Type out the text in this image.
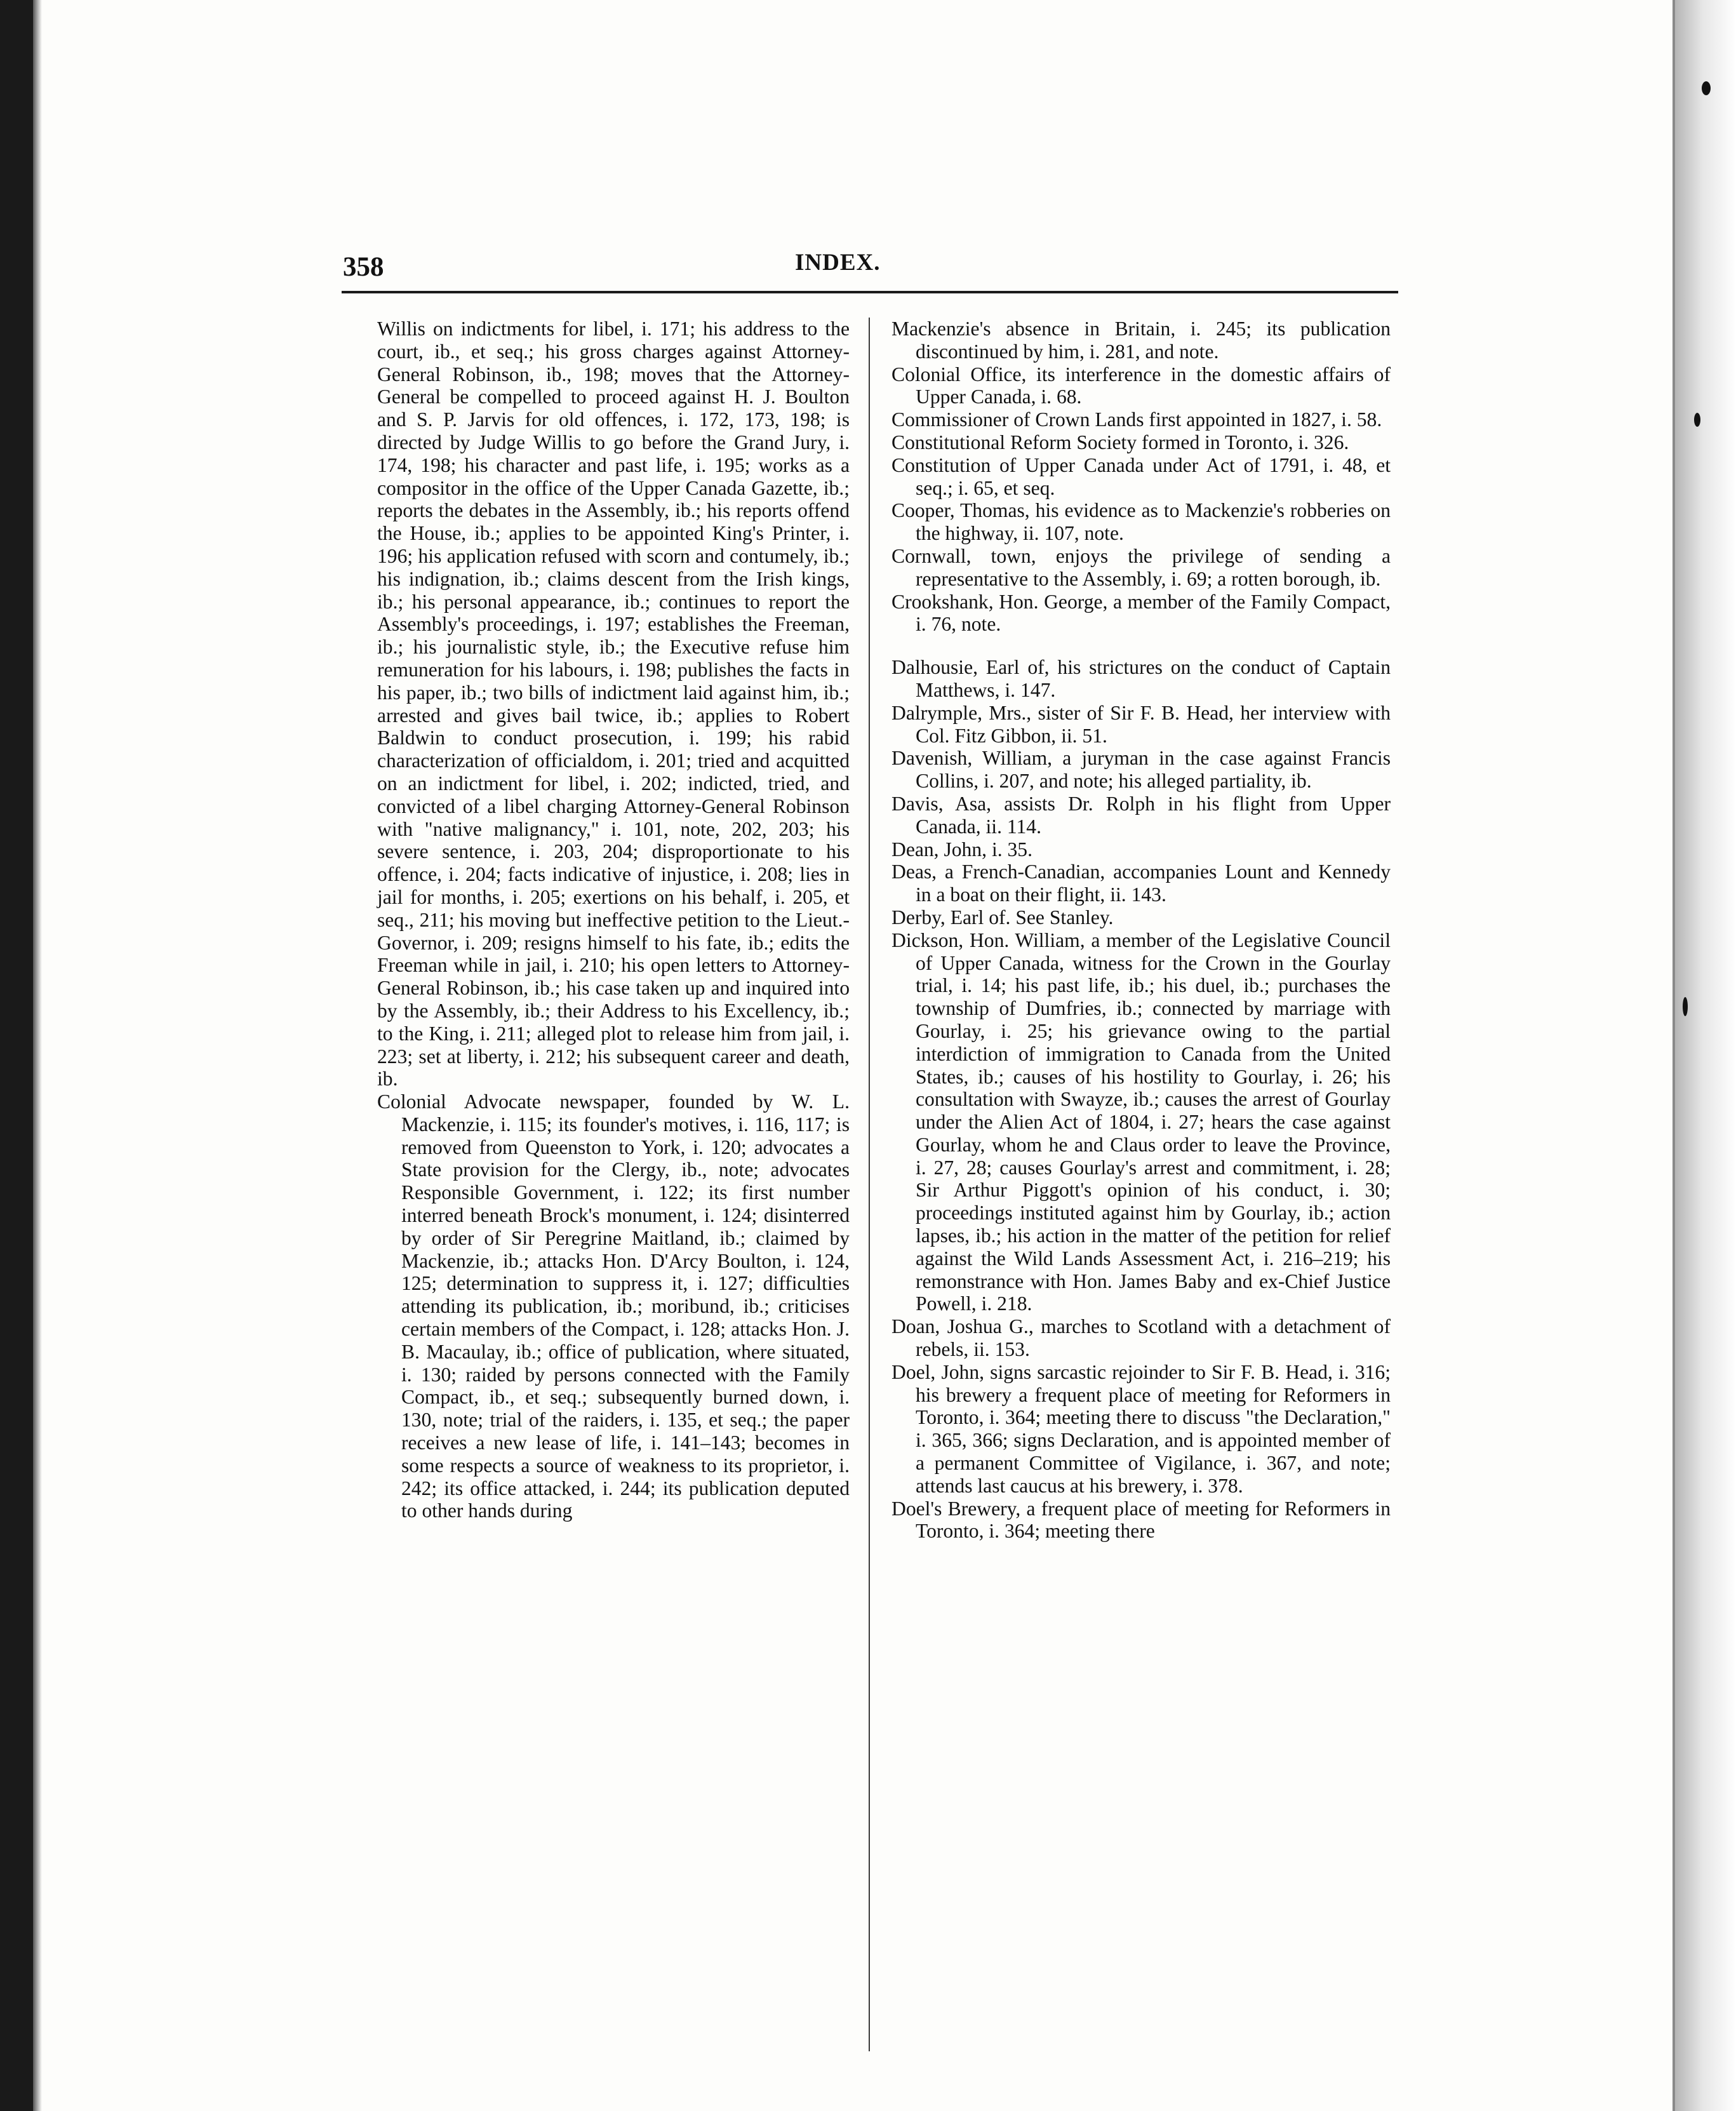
358	INDEX.

Willis on indictments for libel, i. 171; his address to the court, ib., et seq.; his gross charges against Attorney-General Robinson, ib., 198; moves that the Attorney-General be compelled to proceed against H. J. Boulton and S. P. Jarvis for old offences, i. 172, 173, 198; is directed by Judge Willis to go before the Grand Jury, i. 174, 198; his character and past life, i. 195; works as a compositor in the office of the Upper Canada Gazette, ib.; reports the debates in the Assembly, ib.; his reports offend the House, ib.; applies to be appointed King's Printer, i. 196; his application refused with scorn and contumely, ib.; his indignation, ib.; claims descent from the Irish kings, ib.; his personal appearance, ib.; continues to report the Assembly's proceedings, i. 197; establishes the Freeman, ib.; his journalistic style, ib.; the Executive refuse him remuneration for his labours, i. 198; publishes the facts in his paper, ib.; two bills of indictment laid against him, ib.; arrested and gives bail twice, ib.; applies to Robert Baldwin to conduct prosecution, i. 199; his rabid characterization of officialdom, i. 201; tried and acquitted on an indictment for libel, i. 202; indicted, tried, and convicted of a libel charging Attorney-General Robinson with "native malignancy," i. 101, note, 202, 203; his severe sentence, i. 203, 204; disproportionate to his offence, i. 204; facts indicative of injustice, i. 208; lies in jail for months, i. 205; exertions on his behalf, i. 205, et seq., 211; his moving but ineffective petition to the Lieut.-Governor, i. 209; resigns himself to his fate, ib.; edits the Freeman while in jail, i. 210; his open letters to Attorney-General Robinson, ib.; his case taken up and inquired into by the Assembly, ib.; their Address to his Excellency, ib.; to the King, i. 211; alleged plot to release him from jail, i. 223; set at liberty, i. 212; his subsequent career and death, ib.

Colonial Advocate newspaper, founded by W. L. Mackenzie, i. 115; its founder's motives, i. 116, 117; is removed from Queenston to York, i. 120; advocates a State provision for the Clergy, ib., note; advocates Responsible Government, i. 122; its first number interred beneath Brock's monument, i. 124; disinterred by order of Sir Peregrine Maitland, ib.; claimed by Mackenzie, ib.; attacks Hon. D'Arcy Boulton, i. 124, 125; determination to suppress it, i. 127; difficulties attending its publication, ib.; moribund, ib.; criticises certain members of the Compact, i. 128; attacks Hon. J. B. Macaulay, ib.; office of publication, where situated, i. 130; raided by persons connected with the Family Compact, ib., et seq.; subsequently burned down, i. 130, note; trial of the raiders, i. 135, et seq.; the paper receives a new lease of life, i. 141–143; becomes in some respects a source of weakness to its proprietor, i. 242; its office attacked, i. 244; its publication deputed to other hands during

Mackenzie's absence in Britain, i. 245; its publication discontinued by him, i. 281, and note.

Colonial Office, its interference in the domestic affairs of Upper Canada, i. 68.

Commissioner of Crown Lands first appointed in 1827, i. 58.

Constitutional Reform Society formed in Toronto, i. 326.

Constitution of Upper Canada under Act of 1791, i. 48, et seq.; i. 65, et seq.

Cooper, Thomas, his evidence as to Mackenzie's robberies on the highway, ii. 107, note.

Cornwall, town, enjoys the privilege of sending a representative to the Assembly, i. 69; a rotten borough, ib.

Crookshank, Hon. George, a member of the Family Compact, i. 76, note.

Dalhousie, Earl of, his strictures on the conduct of Captain Matthews, i. 147.

Dalrymple, Mrs., sister of Sir F. B. Head, her interview with Col. Fitz Gibbon, ii. 51.

Davenish, William, a juryman in the case against Francis Collins, i. 207, and note; his alleged partiality, ib.

Davis, Asa, assists Dr. Rolph in his flight from Upper Canada, ii. 114.

Dean, John, i. 35.

Deas, a French-Canadian, accompanies Lount and Kennedy in a boat on their flight, ii. 143.

Derby, Earl of. See Stanley.

Dickson, Hon. William, a member of the Legislative Council of Upper Canada, witness for the Crown in the Gourlay trial, i. 14; his past life, ib.; his duel, ib.; purchases the township of Dumfries, ib.; connected by marriage with Gourlay, i. 25; his grievance owing to the partial interdiction of immigration to Canada from the United States, ib.; causes of his hostility to Gourlay, i. 26; his consultation with Swayze, ib.; causes the arrest of Gourlay under the Alien Act of 1804, i. 27; hears the case against Gourlay, whom he and Claus order to leave the Province, i. 27, 28; causes Gourlay's arrest and commitment, i. 28; Sir Arthur Piggott's opinion of his conduct, i. 30; proceedings instituted against him by Gourlay, ib.; action lapses, ib.; his action in the matter of the petition for relief against the Wild Lands Assessment Act, i. 216–219; his remonstrance with Hon. James Baby and ex-Chief Justice Powell, i. 218.

Doan, Joshua G., marches to Scotland with a detachment of rebels, ii. 153.

Doel, John, signs sarcastic rejoinder to Sir F. B. Head, i. 316; his brewery a frequent place of meeting for Reformers in Toronto, i. 364; meeting there to discuss "the Declaration," i. 365, 366; signs Declaration, and is appointed member of a permanent Committee of Vigilance, i. 367, and note; attends last caucus at his brewery, i. 378.

Doel's Brewery, a frequent place of meeting for Reformers in Toronto, i. 364; meeting there
